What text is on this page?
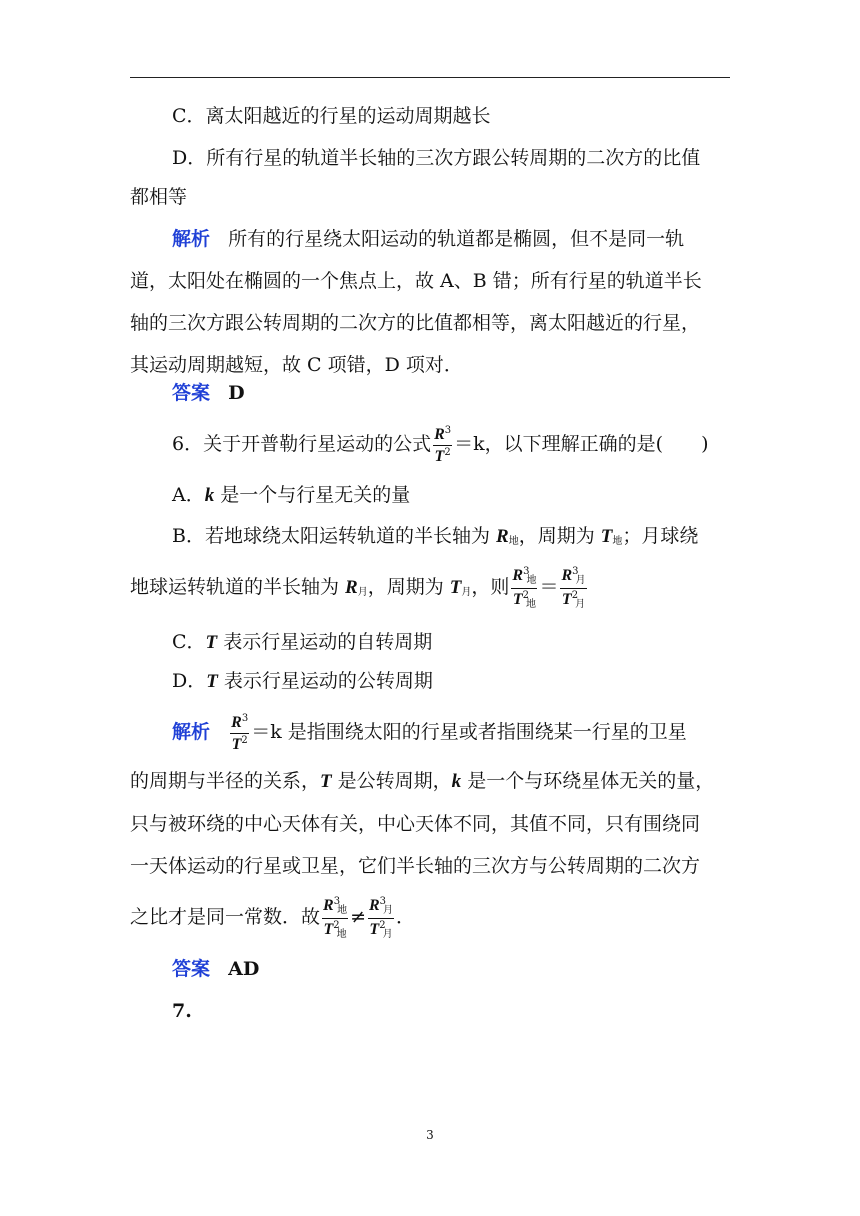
C．离太阳越近的行星的运动周期越长
D．所有行星的轨道半长轴的三次方跟公转周期的二次方的比值
都相等
解析 所有的行星绕太阳运动的轨道都是椭圆，但不是同一轨
道，太阳处在椭圆的一个焦点上，故 A、B 错；所有行星的轨道半长
轴的三次方跟公转周期的二次方的比值都相等，离太阳越近的行星，
其运动周期越短，故 C 项错，D 项对．
答案 D
6．关于开普勒行星运动的公式 $\frac{R^3}{T^2} =k$，以下理解正确的是(　　)
A．k 是一个与行星无关的量
B．若地球绕太阳运转轨道的半长轴为 $R_地$，周期为 $T_地$；月球绕
地球运转轨道的半长轴为 $R_月$，周期为 $T_月$，则 $\frac{R^3地}{T^2地} = \frac{R^3月}{T^2月}$
C．T 表示行星运动的自转周期
D．T 表示行星运动的公转周期
解析 $\frac{R^3}{T^2} =k$ 是指围绕太阳的行星或者指围绕某一行星的卫星
的周期与半径的关系，T 是公转周期，k 是一个与环绕星体无关的量，
只与被环绕的中心天体有关，中心天体不同，其值不同，只有围绕同
一天体运动的行星或卫星，它们半长轴的三次方与公转周期的二次方
之比才是同一常数．故 $\frac{R^3地}{T^2地} \ne \frac{R^3月}{T^2月}$ ．
答案 AD
7.
3
